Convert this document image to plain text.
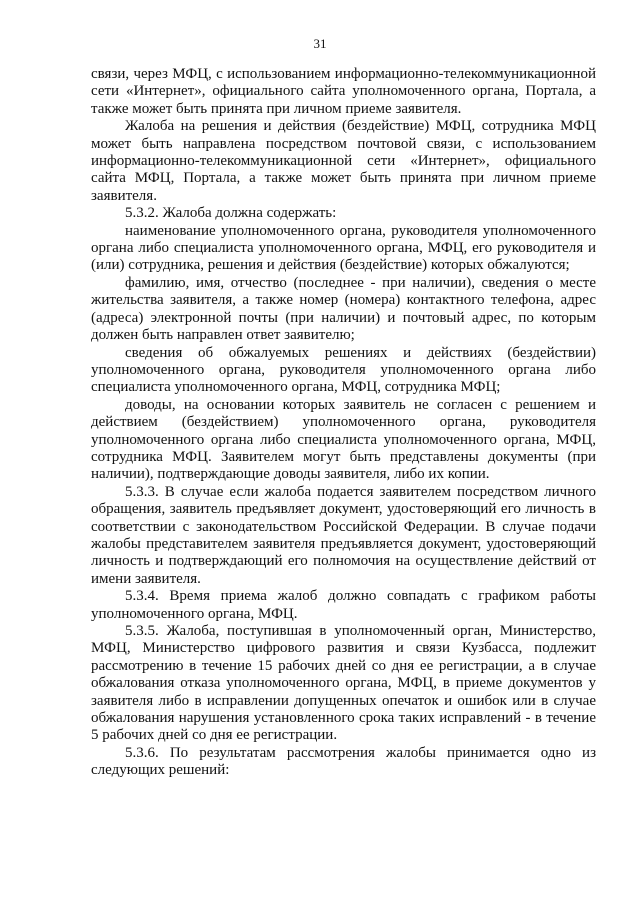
31

связи, через МФЦ, с использованием информационно-телекоммуникационной сети «Интернет», официального сайта уполномоченного органа, Портала, а также может быть принята при личном приеме заявителя.

Жалоба на решения и действия (бездействие) МФЦ, сотрудника МФЦ может быть направлена посредством почтовой связи, с использованием информационно-телекоммуникационной сети «Интернет», официального сайта МФЦ, Портала, а также может быть принята при личном приеме заявителя.

5.3.2. Жалоба должна содержать:

наименование уполномоченного органа, руководителя уполномоченного органа либо специалиста уполномоченного органа, МФЦ, его руководителя и (или) сотрудника, решения и действия (бездействие) которых обжалуются;

фамилию, имя, отчество (последнее - при наличии), сведения о месте жительства заявителя, а также номер (номера) контактного телефона, адрес (адреса) электронной почты (при наличии) и почтовый адрес, по которым должен быть направлен ответ заявителю;

сведения об обжалуемых решениях и действиях (бездействии) уполномоченного органа, руководителя уполномоченного органа либо специалиста уполномоченного органа, МФЦ, сотрудника МФЦ;

доводы, на основании которых заявитель не согласен с решением и действием (бездействием) уполномоченного органа, руководителя уполномоченного органа либо специалиста уполномоченного органа, МФЦ, сотрудника МФЦ. Заявителем могут быть представлены документы (при наличии), подтверждающие доводы заявителя, либо их копии.

5.3.3. В случае если жалоба подается заявителем посредством личного обращения, заявитель предъявляет документ, удостоверяющий его личность в соответствии с законодательством Российской Федерации. В случае подачи жалобы представителем заявителя предъявляется документ, удостоверяющий личность и подтверждающий его полномочия на осуществление действий от имени заявителя.

5.3.4. Время приема жалоб должно совпадать с графиком работы уполномоченного органа, МФЦ.

5.3.5. Жалоба, поступившая в уполномоченный орган, Министерство, МФЦ, Министерство цифрового развития и связи Кузбасса, подлежит рассмотрению в течение 15 рабочих дней со дня ее регистрации, а в случае обжалования отказа уполномоченного органа, МФЦ, в приеме документов у заявителя либо в исправлении допущенных опечаток и ошибок или в случае обжалования нарушения установленного срока таких исправлений - в течение 5 рабочих дней со дня ее регистрации.

5.3.6. По результатам рассмотрения жалобы принимается одно из следующих решений:
